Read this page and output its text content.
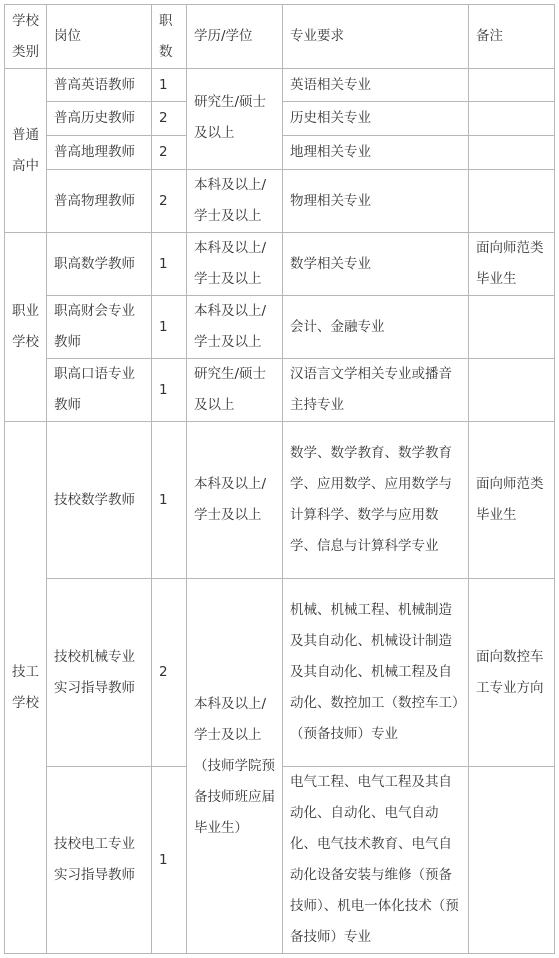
学校类别	岗位	职数	学历/学位	专业要求	备注
普通高中	普高英语教师	1	研究生/硕士及以上	英语相关专业	
	普高历史教师	2		历史相关专业	
	普高地理教师	2		地理相关专业	
	普高物理教师	2	本科及以上/学士及以上	物理相关专业	
职业学校	职高数学教师	1	本科及以上/学士及以上	数学相关专业	面向师范类毕业生
	职高财会专业教师	1	本科及以上/学士及以上	会计、金融专业	
	职高口语专业教师	1	研究生/硕士及以上	汉语言文学相关专业或播音主持专业	
技工学校	技校数学教师	1	本科及以上/学士及以上	数学、数学教育、数学教育学、应用数学、应用数学与计算科学、数学与应用数学、信息与计算科学专业	面向师范类毕业生
	技校机械专业实习指导教师	2	本科及以上/学士及以上（技师学院预备技师班应届毕业生）	机械、机械工程、机械制造及其自动化、机械设计制造及其自动化、机械工程及自动化、数控加工（数控车工）（预备技师）专业	面向数控车工专业方向
	技校电工专业实习指导教师	1		电气工程、电气工程及其自动化、自动化、电气自动化、电气技术教育、电气自动化设备安装与维修（预备技师）、机电一体化技术（预备技师）专业	
